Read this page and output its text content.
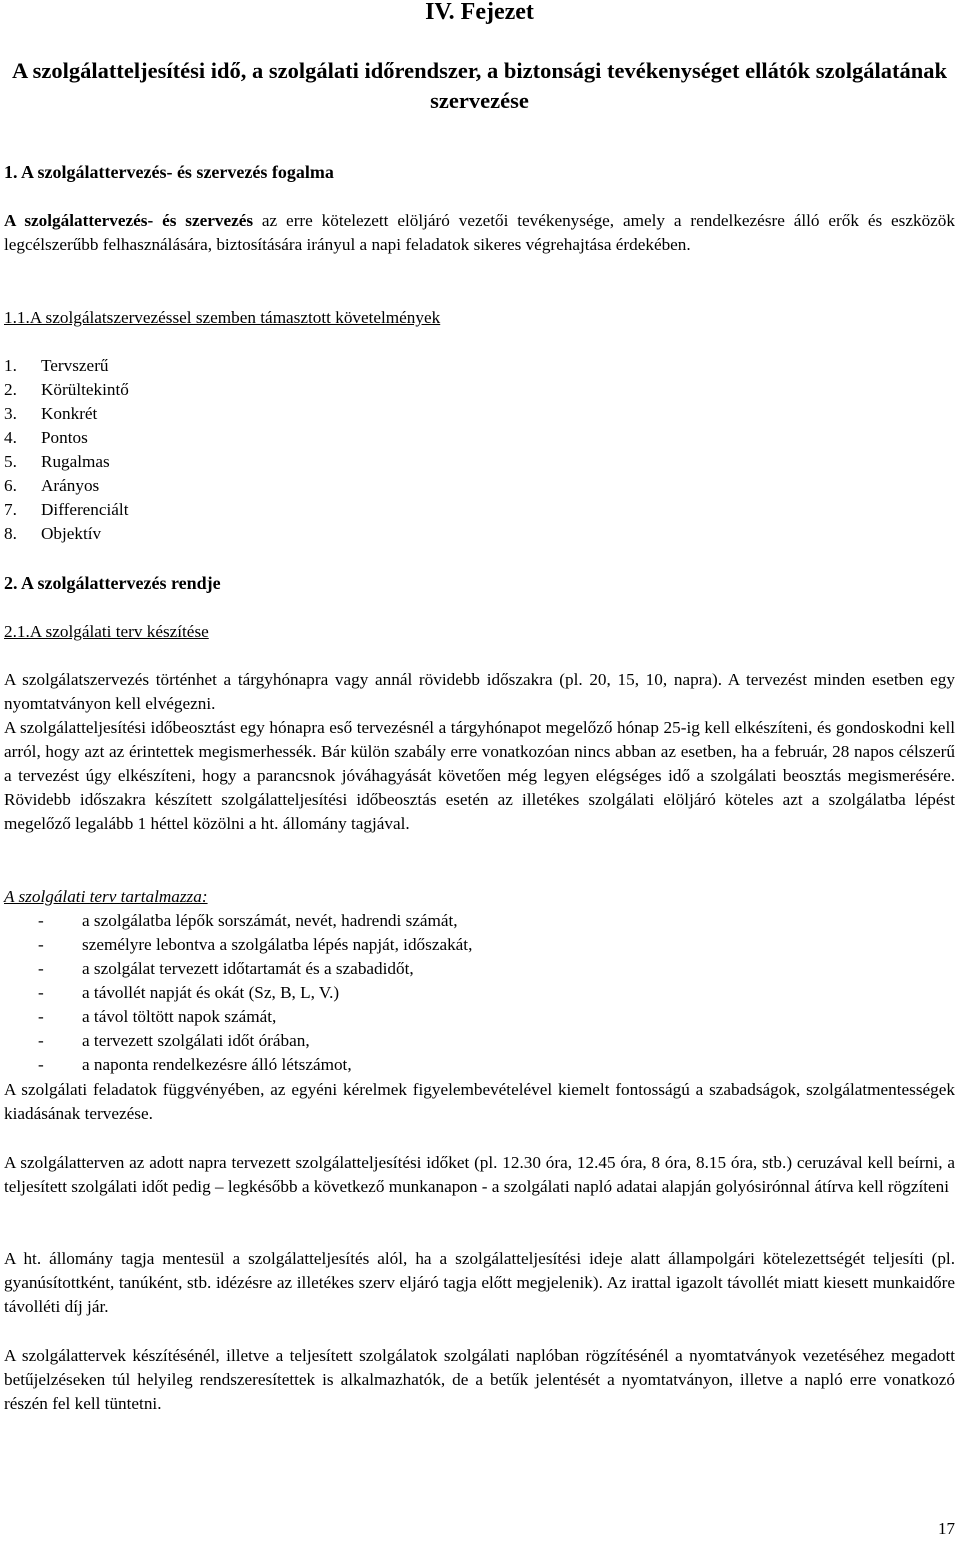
IV. Fejezet
A szolgálatteljesítési idő, a szolgálati időrendszer, a biztonsági tevékenységet ellátók szolgálatának szervezése
1. A szolgálattervezés- és szervezés fogalma
A szolgálattervezés- és szervezés az erre kötelezett elöljáró vezetői tevékenysége, amely a rendelkezésre álló erők és eszközök legcélszerűbb felhasználására, biztosítására irányul a napi feladatok sikeres végrehajtása érdekében.
1.1.A szolgálatszervezéssel szemben támasztott követelmények
1. Tervszerű
2. Körültekintő
3. Konkrét
4. Pontos
5. Rugalmas
6. Arányos
7. Differenciált
8. Objektív
2. A szolgálattervezés rendje
2.1.A szolgálati terv készítése
A szolgálatszervezés történhet a tárgyhónapra vagy annál rövidebb időszakra (pl. 20, 15, 10, napra). A tervezést minden esetben egy nyomtatványon kell elvégezni.
A szolgálatteljesítési időbeosztást egy hónapra eső tervezésnél a tárgyhónapot megelőző hónap 25-ig kell elkészíteni, és gondoskodni kell arról, hogy azt az érintettek megismerhessék. Bár külön szabály erre vonatkozóan nincs abban az esetben, ha a február, 28 napos célszerű a tervezést úgy elkészíteni, hogy a parancsnok jóváhagyását követően még legyen elégséges idő a szolgálati beosztás megismerésére. Rövidebb időszakra készített szolgálatteljesítési időbeosztás esetén az illetékes szolgálati elöljáró köteles azt a szolgálatba lépést megelőző legalább 1 héttel közölni a ht. állomány tagjával.
A szolgálati terv tartalmazza:
- a szolgálatba lépők sorszámát, nevét, hadrendi számát,
- személyre lebontva a szolgálatba lépés napját, időszakát,
- a szolgálat tervezett időtartamát és a szabadidőt,
- a távollét napját és okát (Sz, B, L, V.)
- a távol töltött napok számát,
- a tervezett szolgálati időt órában,
- a naponta rendelkezésre álló létszámot,
A szolgálati feladatok függvényében, az egyéni kérelmek figyelembevételével kiemelt fontosságú a szabadságok, szolgálatmentességek kiadásának tervezése.
A szolgálatterven az adott napra tervezett szolgálatteljesítési időket (pl. 12.30 óra, 12.45 óra, 8 óra, 8.15 óra, stb.) ceruzával kell beírni, a teljesített szolgálati időt pedig – legkésőbb a következő munkanapon - a szolgálati napló adatai alapján golyósirónnal átírva kell rögzíteni
A ht. állomány tagja mentesül a szolgálatteljesítés alól, ha a szolgálatteljesítési ideje alatt állampolgári kötelezettségét teljesíti (pl. gyanúsítottként, tanúként, stb. idézésre az illetékes szerv eljáró tagja előtt megjelenik). Az irattal igazolt távollét miatt kiesett munkaidőre távolléti díj jár.
A szolgálattervek készítésénél, illetve a teljesített szolgálatok szolgálati naplóban rögzítésénél a nyomtatványok vezetéséhez megadott betűjelzéseken túl helyileg rendszeresítettek is alkalmazhatók, de a betűk jelentését a nyomtatványon, illetve a napló erre vonatkozó részén fel kell tüntetni.
17
